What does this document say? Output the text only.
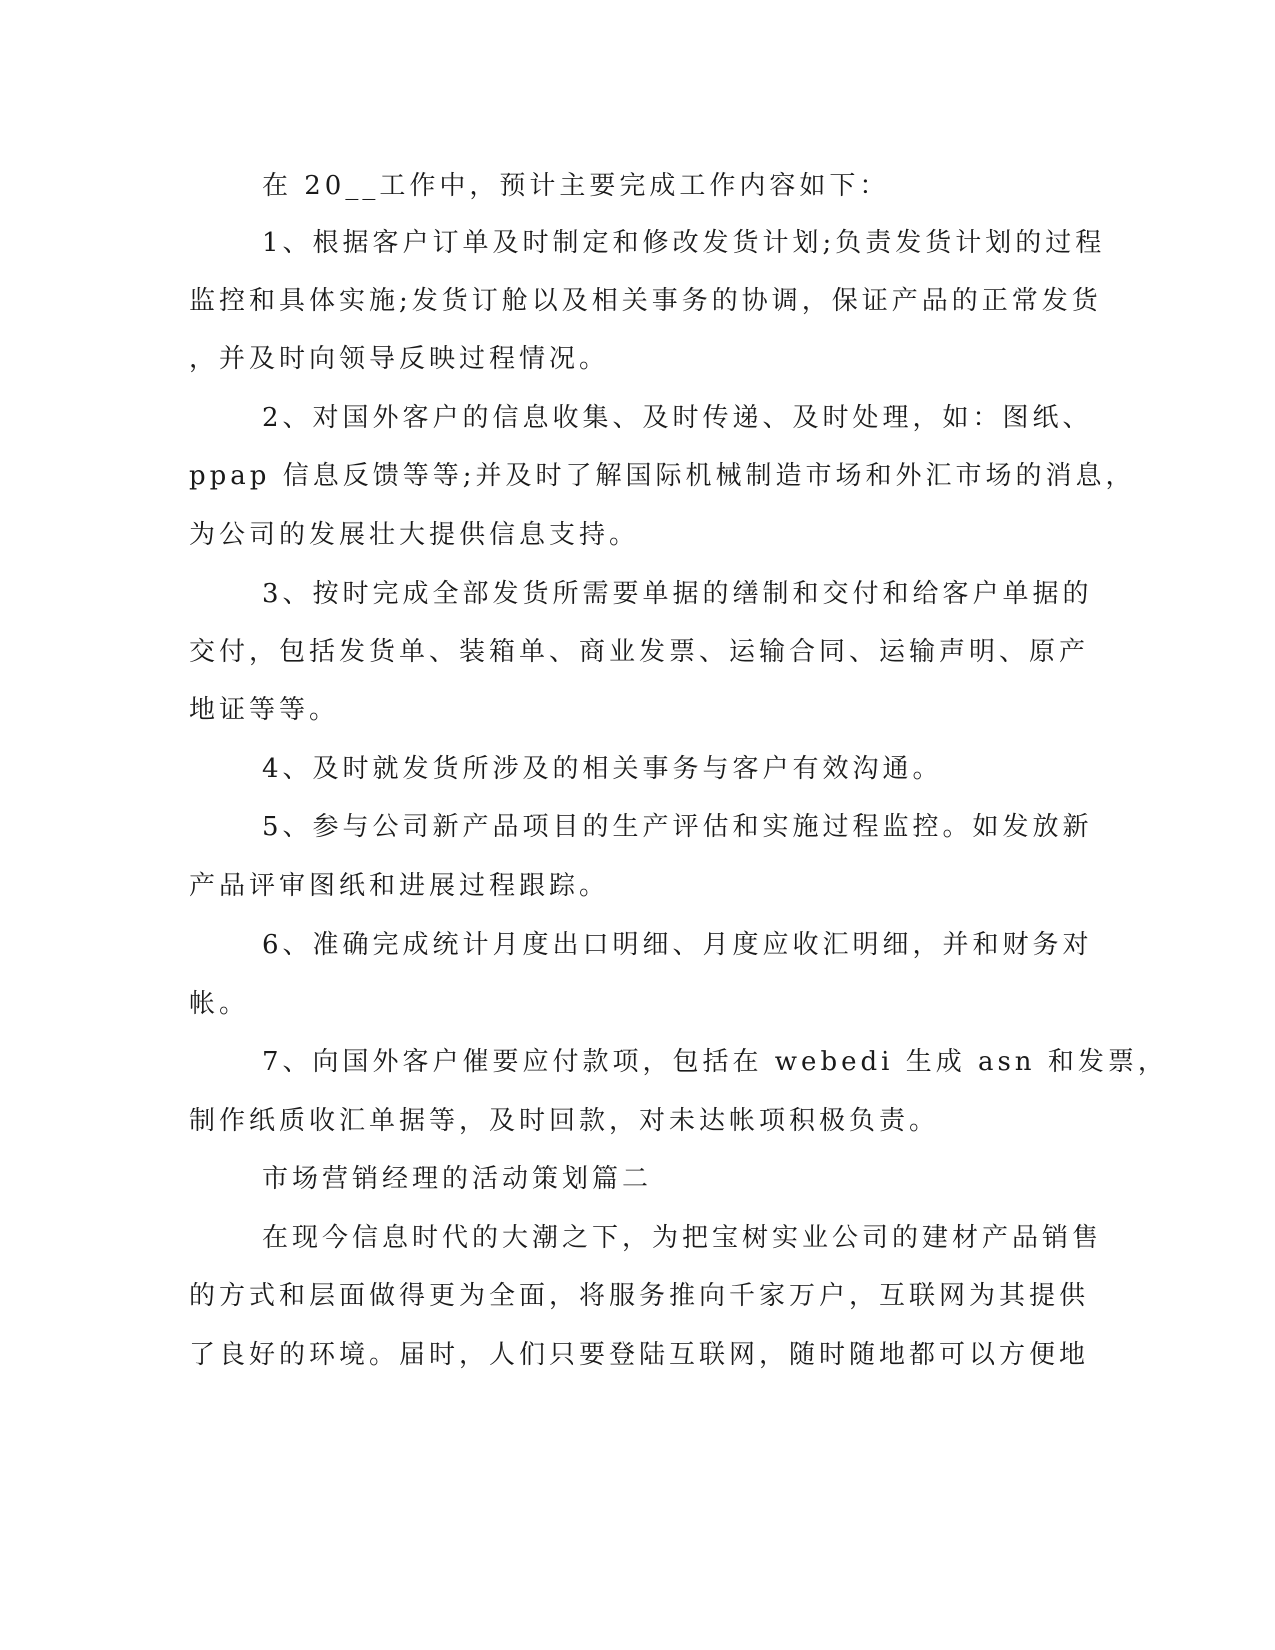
在 20__工作中，预计主要完成工作内容如下：
1、根据客户订单及时制定和修改发货计划;负责发货计划的过程
监控和具体实施;发货订舱以及相关事务的协调，保证产品的正常发货
，并及时向领导反映过程情况。
2、对国外客户的信息收集、及时传递、及时处理，如：图纸、
ppap 信息反馈等等;并及时了解国际机械制造市场和外汇市场的消息，
为公司的发展壮大提供信息支持。
3、按时完成全部发货所需要单据的缮制和交付和给客户单据的
交付，包括发货单、装箱单、商业发票、运输合同、运输声明、原产
地证等等。
4、及时就发货所涉及的相关事务与客户有效沟通。
5、参与公司新产品项目的生产评估和实施过程监控。如发放新
产品评审图纸和进展过程跟踪。
6、准确完成统计月度出口明细、月度应收汇明细，并和财务对
帐。
7、向国外客户催要应付款项，包括在 webedi 生成 asn 和发票，
制作纸质收汇单据等，及时回款，对未达帐项积极负责。
市场营销经理的活动策划篇二
在现今信息时代的大潮之下，为把宝树实业公司的建材产品销售
的方式和层面做得更为全面，将服务推向千家万户，互联网为其提供
了良好的环境。届时，人们只要登陆互联网，随时随地都可以方便地
